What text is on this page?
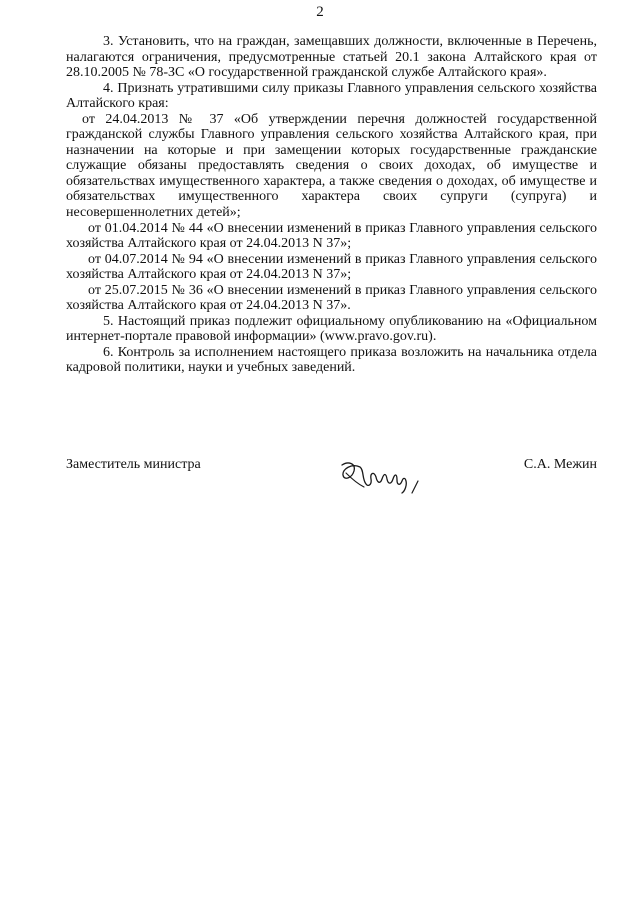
2

3. Установить, что на граждан, замещавших должности, включенные в Перечень, налагаются ограничения, предусмотренные статьей 20.1 закона Алтайского края от 28.10.2005 № 78-ЗС «О государственной гражданской службе Алтайского края».

4. Признать утратившими силу приказы Главного управления сельского хозяйства Алтайского края:

от 24.04.2013 № 37 «Об утверждении перечня должностей государственной гражданской службы Главного управления сельского хозяйства Алтайского края, при назначении на которые и при замещении которых государственные гражданские служащие обязаны предоставлять сведения о своих доходах, об имуществе и обязательствах имущественного характера, а также сведения о доходах, об имуществе и обязательствах имущественного характера своих супруги (супруга) и несовершеннолетних детей»;

от 01.04.2014 № 44 «О внесении изменений в приказ Главного управления сельского хозяйства Алтайского края от 24.04.2013 N 37»;

от 04.07.2014 № 94 «О внесении изменений в приказ Главного управления сельского хозяйства Алтайского края от 24.04.2013 N 37»;

от 25.07.2015 № 36 «О внесении изменений в приказ Главного управления сельского хозяйства Алтайского края от 24.04.2013 N 37».

5. Настоящий приказ подлежит официальному опубликованию на «Официальном интернет-портале правовой информации» (www.pravo.gov.ru).

6. Контроль за исполнением настоящего приказа возложить на начальника отдела кадровой политики, науки и учебных заведений.

Заместитель министра	С.А. Межин
